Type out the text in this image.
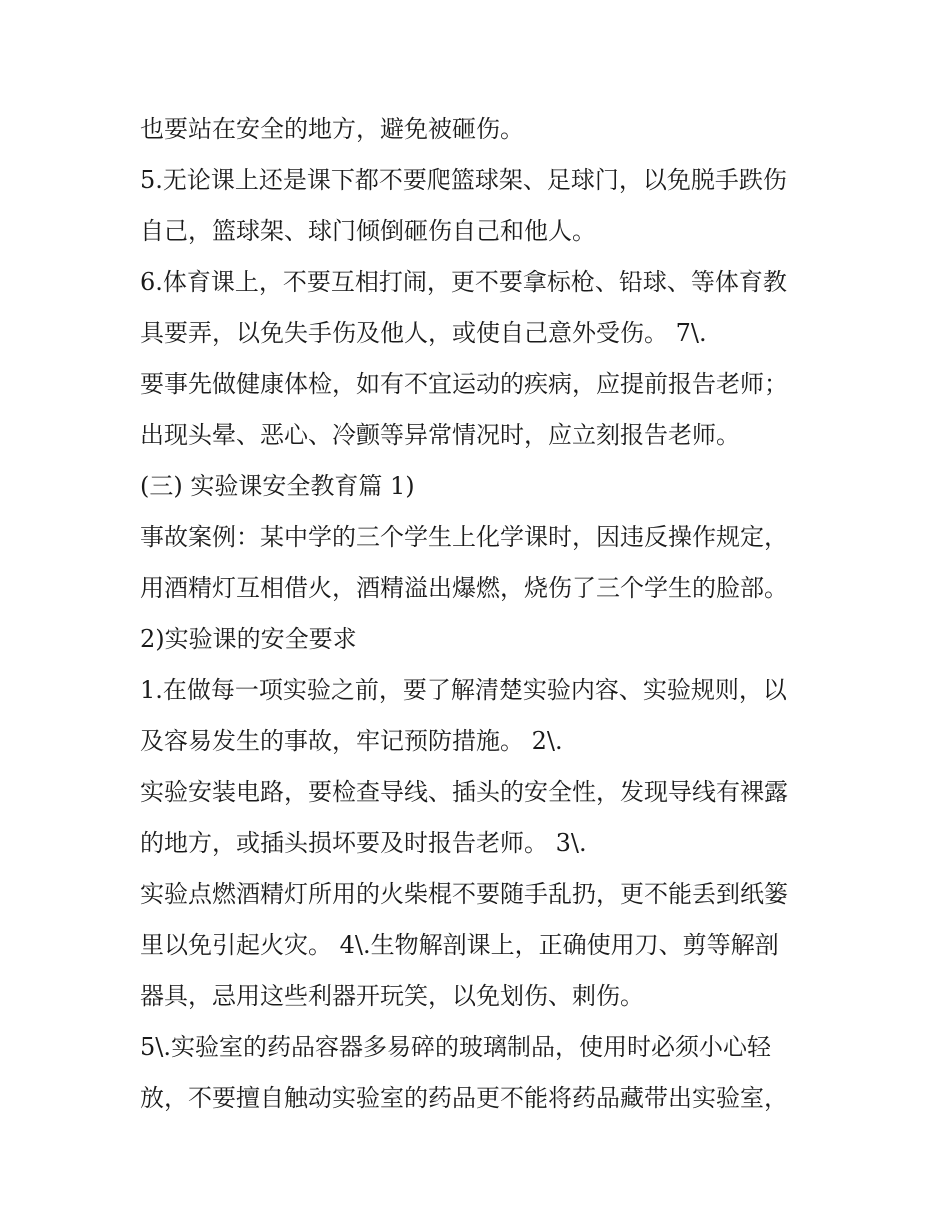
也要站在安全的地方，避免被砸伤。
5.无论课上还是课下都不要爬篮球架、足球门，以免脱手跌伤
自己，篮球架、球门倾倒砸伤自己和他人。
6.体育课上，不要互相打闹，更不要拿标枪、铅球、等体育教
具要弄，以免失手伤及他人，或使自己意外受伤。 7\.
要事先做健康体检，如有不宜运动的疾病，应提前报告老师；
出现头晕、恶心、冷颤等异常情况时，应立刻报告老师。
(三) 实验课安全教育篇 1)
事故案例：某中学的三个学生上化学课时，因违反操作规定，
用酒精灯互相借火，酒精溢出爆燃，烧伤了三个学生的脸部。
2)实验课的安全要求
1.在做每一项实验之前，要了解清楚实验内容、实验规则，以
及容易发生的事故，牢记预防措施。 2\.
实验安装电路，要检查导线、插头的安全性，发现导线有裸露
的地方，或插头损坏要及时报告老师。 3\.
实验点燃酒精灯所用的火柴棍不要随手乱扔，更不能丢到纸篓
里以免引起火灾。 4\.生物解剖课上，正确使用刀、剪等解剖
器具，忌用这些利器开玩笑，以免划伤、刺伤。
5\.实验室的药品容器多易碎的玻璃制品，使用时必须小心轻
放，不要擅自触动实验室的药品更不能将药品藏带出实验室，
